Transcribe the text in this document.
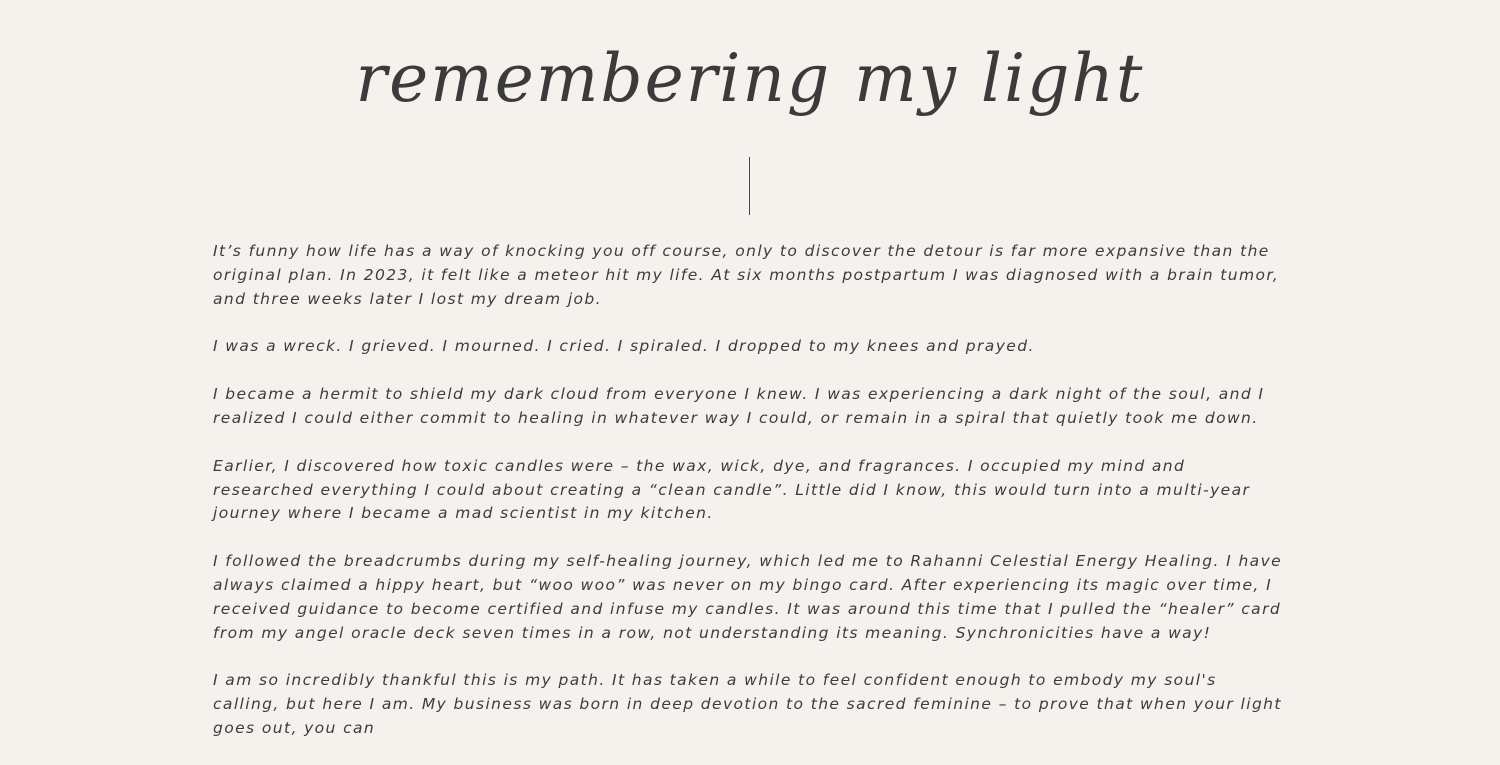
remembering my light

It’s funny how life has a way of knocking you off course, only to discover the detour is far more expansive than the original plan. In 2023, it felt like a meteor hit my life. At six months postpartum I was diagnosed with a brain tumor, and three weeks later I lost my dream job.

I was a wreck. I grieved. I mourned. I cried. I spiraled. I dropped to my knees and prayed.

I became a hermit to shield my dark cloud from everyone I knew. I was experiencing a dark night of the soul, and I realized I could either commit to healing in whatever way I could, or remain in a spiral that quietly took me down.

Earlier, I discovered how toxic candles were – the wax, wick, dye, and fragrances. I occupied my mind and researched everything I could about creating a “clean candle”. Little did I know, this would turn into a multi-year journey where I became a mad scientist in my kitchen.

I followed the breadcrumbs during my self-healing journey, which led me to Rahanni Celestial Energy Healing. I have always claimed a hippy heart, but “woo woo” was never on my bingo card. After experiencing its magic over time, I received guidance to become certified and infuse my candles. It was around this time that I pulled the “healer” card from my angel oracle deck seven times in a row, not understanding its meaning. Synchronicities have a way!

I am so incredibly thankful this is my path. It has taken a while to feel confident enough to embody my soul's calling, but here I am. My business was born in deep devotion to the sacred feminine – to prove that when your light goes out, you can
